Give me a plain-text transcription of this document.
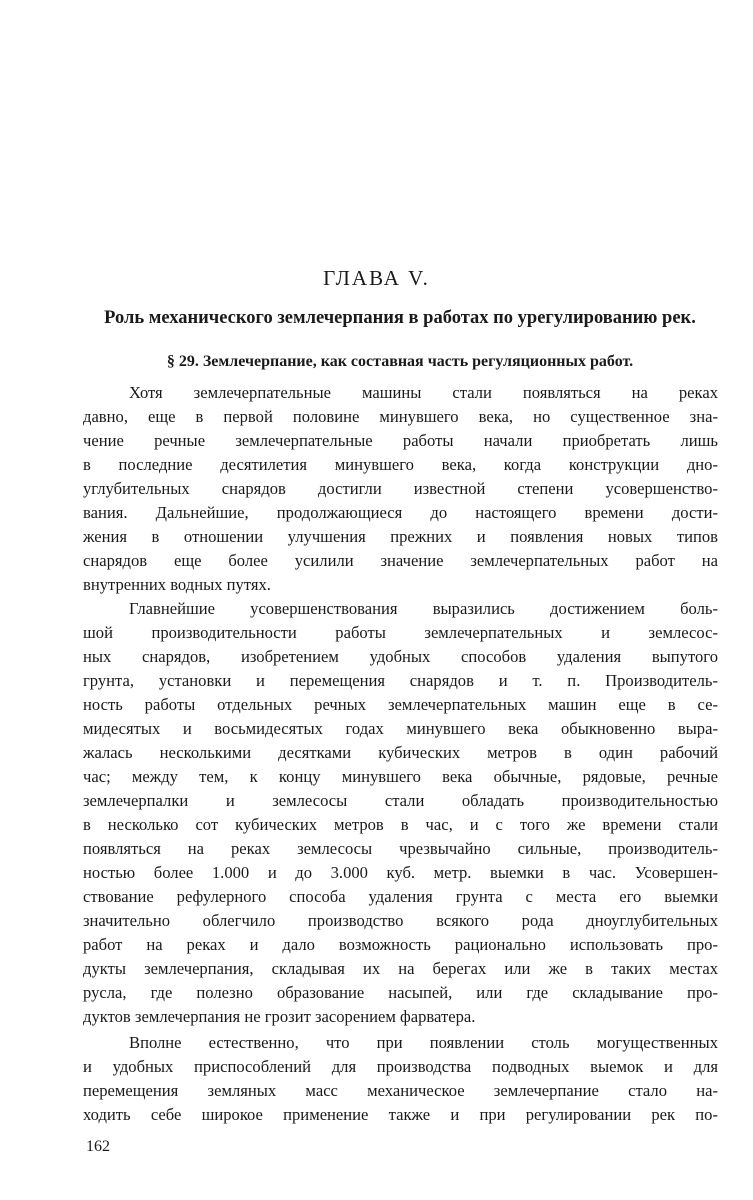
ГЛАВА V.
Роль механического землечерпания в работах по урегулированию рек.
§ 29. Землечерпание, как составная часть регуляционных работ.
Хотя землечерпательные машины стали появляться на реках
давно, еще в первой половине минувшего века, но существенное зна-
чение речные землечерпательные работы начали приобретать лишь
в последние десятилетия минувшего века, когда конструкции дно-
углубительных снарядов достигли известной степени усовершенство-
вания. Дальнейшие, продолжающиеся до настоящего времени дости-
жения в отношении улучшения прежних и появления новых типов
снарядов еще более усилили значение землечерпательных работ на
внутренних водных путях.
Главнейшие усовершенствования выразились достижением боль-
шой производительности работы землечерпательных и землесос-
ных снарядов, изобретением удобных способов удаления выпутого
грунта, установки и перемещения снарядов и т. п. Производитель-
ность работы отдельных речных землечерпательных машин еще в се-
мидесятых и восьмидесятых годах минувшего века обыкновенно выра-
жалась несколькими десятками кубических метров в один рабочий
час; между тем, к концу минувшего века обычные, рядовые, речные
землечерпалки и землесосы стали обладать производительностью
в несколько сот кубических метров в час, и с того же времени стали
появляться на реках землесосы чрезвычайно сильные, производитель-
ностью более 1.000 и до 3.000 куб. метр. выемки в час. Усовершен-
ствование рефулерного способа удаления грунта с места его выемки
значительно облегчило производство всякого рода дноуглубительных
работ на реках и дало возможность рационально использовать про-
дукты землечерпания, складывая их на берегах или же в таких местах
русла, где полезно образование насыпей, или где складывание про-
дуктов землечерпания не грозит засорением фарватера.
Вполне естественно, что при появлении столь могущественных
и удобных приспособлений для производства подводных выемок и для
перемещения земляных масс механическое землечерпание стало на-
ходить себе широкое применение также и при регулировании рек по-
162
